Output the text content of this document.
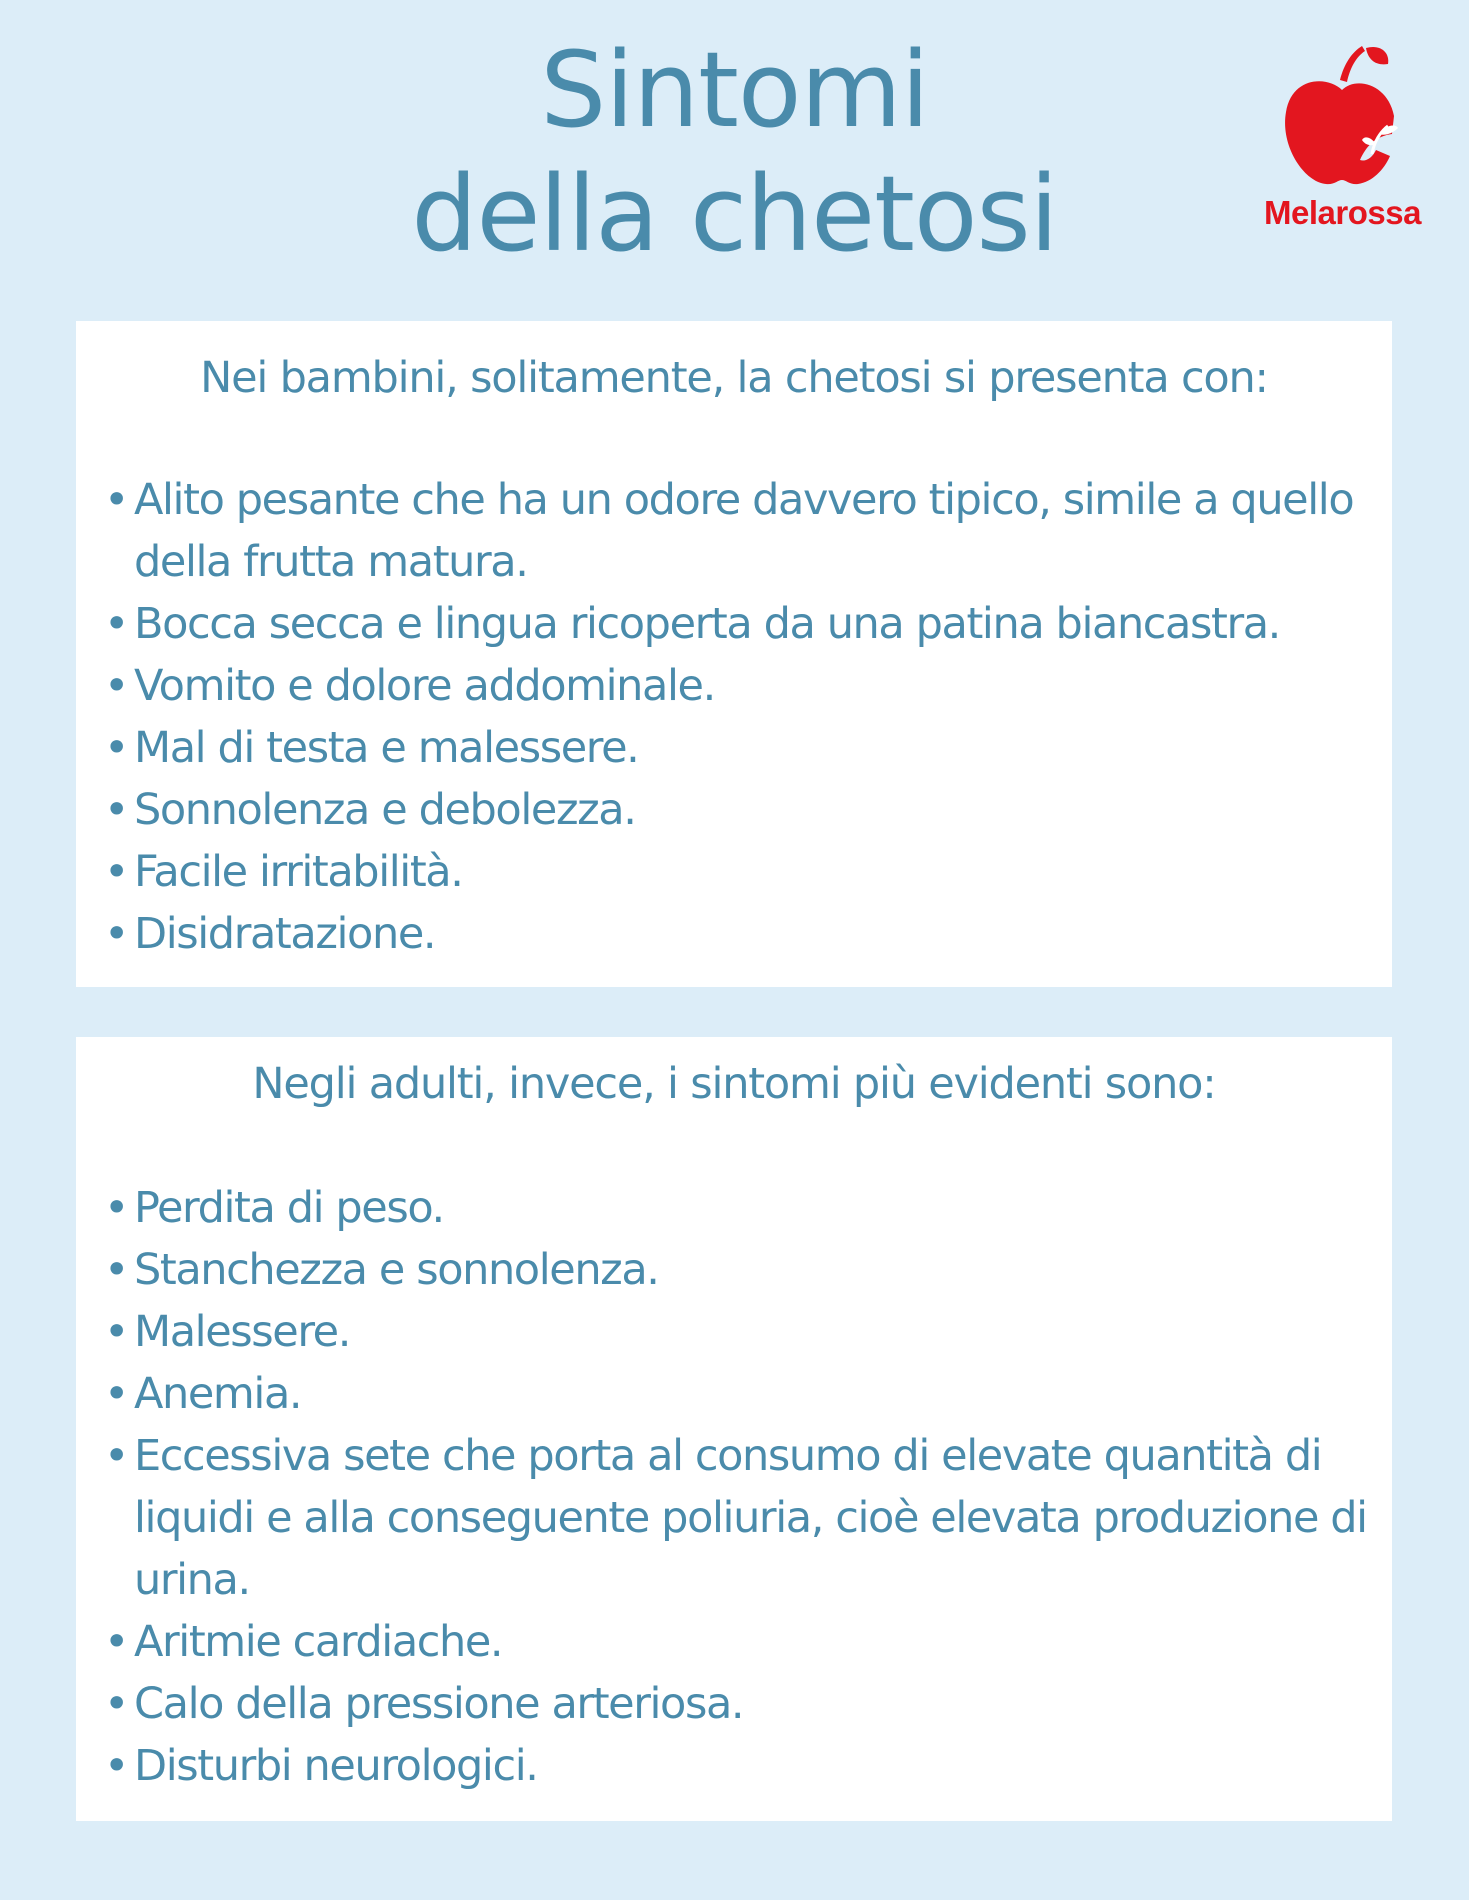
Sintomi
della chetosi	Melarossa
Nei bambini, solitamente, la chetosi si presenta con:
• Alito pesante che ha un odore davvero tipico, simile a quello della frutta matura.
• Bocca secca e lingua ricoperta da una patina biancastra.
• Vomito e dolore addominale.
• Mal di testa e malessere.
• Sonnolenza e debolezza.
• Facile irritabilità.
• Disidratazione.
Negli adulti, invece, i sintomi più evidenti sono:
• Perdita di peso.
• Stanchezza e sonnolenza.
• Malessere.
• Anemia.
• Eccessiva sete che porta al consumo di elevate quantità di liquidi e alla conseguente poliuria, cioè elevata produzione di urina.
• Aritmie cardiache.
• Calo della pressione arteriosa.
• Disturbi neurologici.
